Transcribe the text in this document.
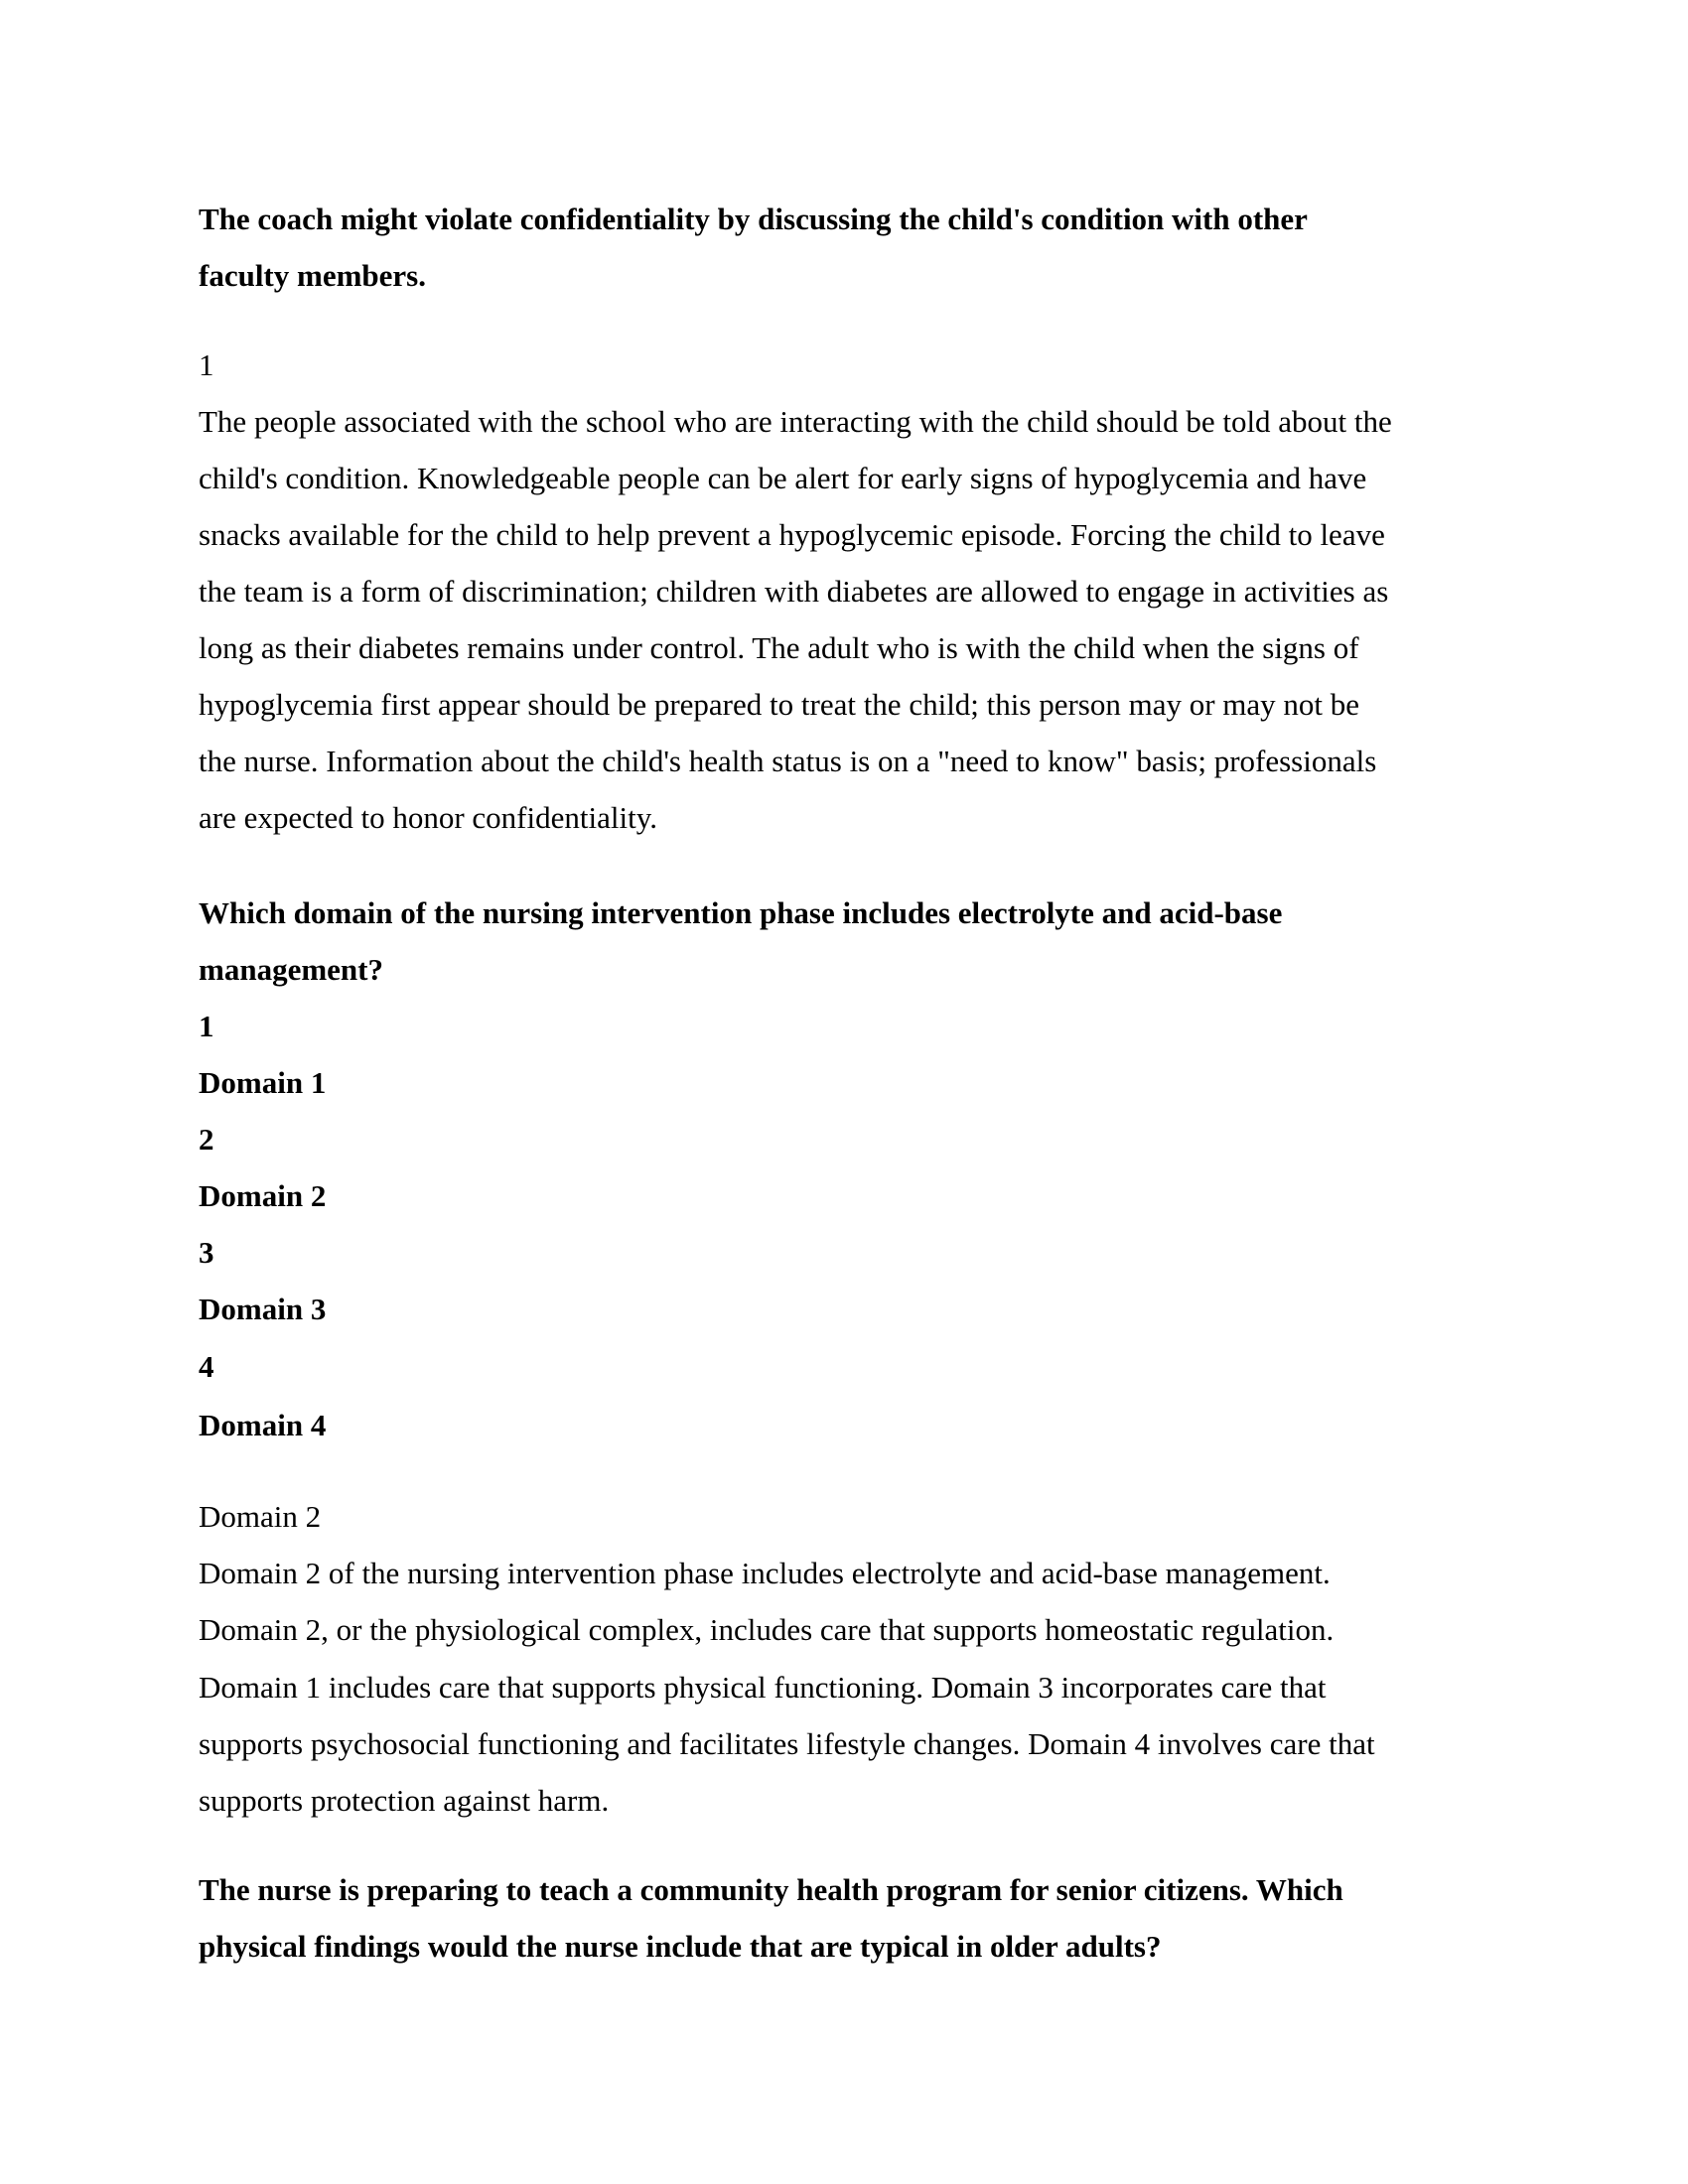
The coach might violate confidentiality by discussing the child's condition with other

faculty members.

1

The people associated with the school who are interacting with the child should be told about the

child's condition. Knowledgeable people can be alert for early signs of hypoglycemia and have

snacks available for the child to help prevent a hypoglycemic episode. Forcing the child to leave

the team is a form of discrimination; children with diabetes are allowed to engage in activities as

long as their diabetes remains under control. The adult who is with the child when the signs of

hypoglycemia first appear should be prepared to treat the child; this person may or may not be

the nurse. Information about the child's health status is on a "need to know" basis; professionals

are expected to honor confidentiality.

Which domain of the nursing intervention phase includes electrolyte and acid-base

management?

1

Domain 1

2

Domain 2

3

Domain 3

4

Domain 4

Domain 2

Domain 2 of the nursing intervention phase includes electrolyte and acid-base management.

Domain 2, or the physiological complex, includes care that supports homeostatic regulation.

Domain 1 includes care that supports physical functioning. Domain 3 incorporates care that

supports psychosocial functioning and facilitates lifestyle changes. Domain 4 involves care that

supports protection against harm.

The nurse is preparing to teach a community health program for senior citizens. Which

physical findings would the nurse include that are typical in older adults?
